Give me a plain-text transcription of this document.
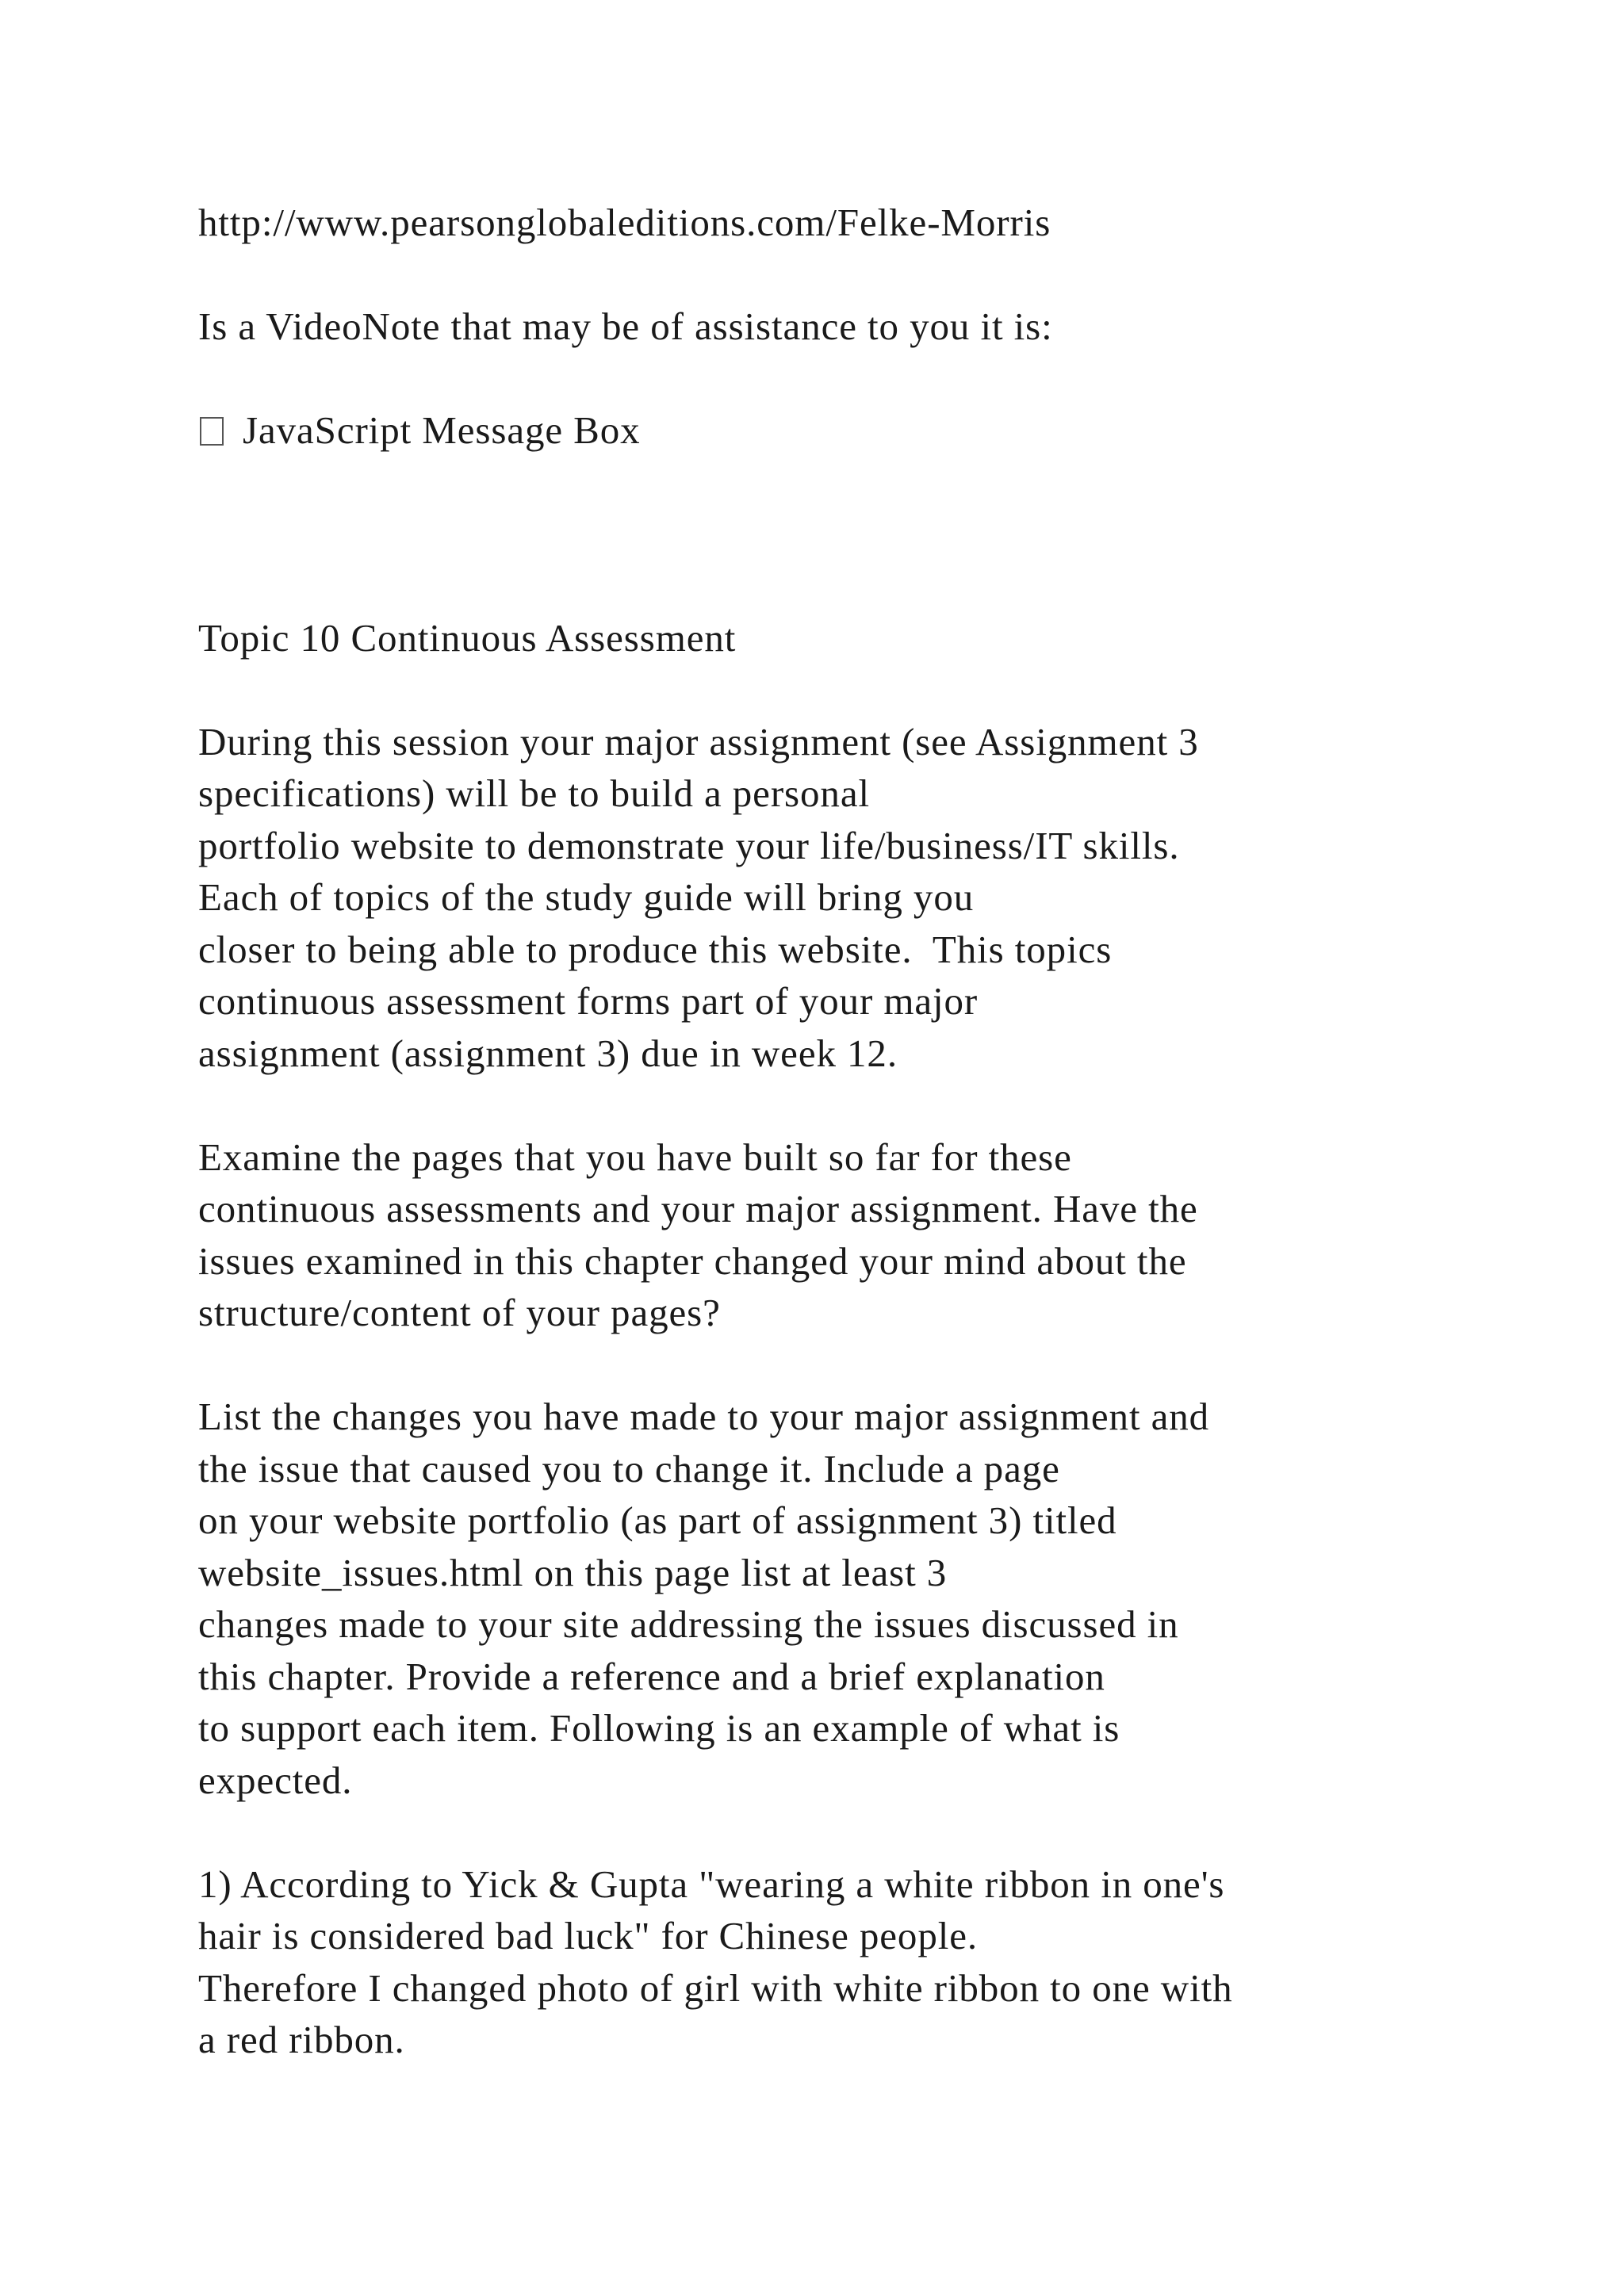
http://www.pearsonglobaleditions.com/Felke-Morris
Is a VideoNote that may be of assistance to you it is:
JavaScript Message Box
Topic 10 Continuous Assessment
During this session your major assignment (see Assignment 3
specifications) will be to build a personal
portfolio website to demonstrate your life/business/IT skills.
Each of topics of the study guide will bring you
closer to being able to produce this website.  This topics
continuous assessment forms part of your major
assignment (assignment 3) due in week 12.
Examine the pages that you have built so far for these
continuous assessments and your major assignment. Have the
issues examined in this chapter changed your mind about the
structure/content of your pages?
List the changes you have made to your major assignment and
the issue that caused you to change it. Include a page
on your website portfolio (as part of assignment 3) titled
website_issues.html on this page list at least 3
changes made to your site addressing the issues discussed in
this chapter. Provide a reference and a brief explanation
to support each item. Following is an example of what is
expected.
1) According to Yick & Gupta "wearing a white ribbon in one's
hair is considered bad luck" for Chinese people.
Therefore I changed photo of girl with white ribbon to one with
a red ribbon.
